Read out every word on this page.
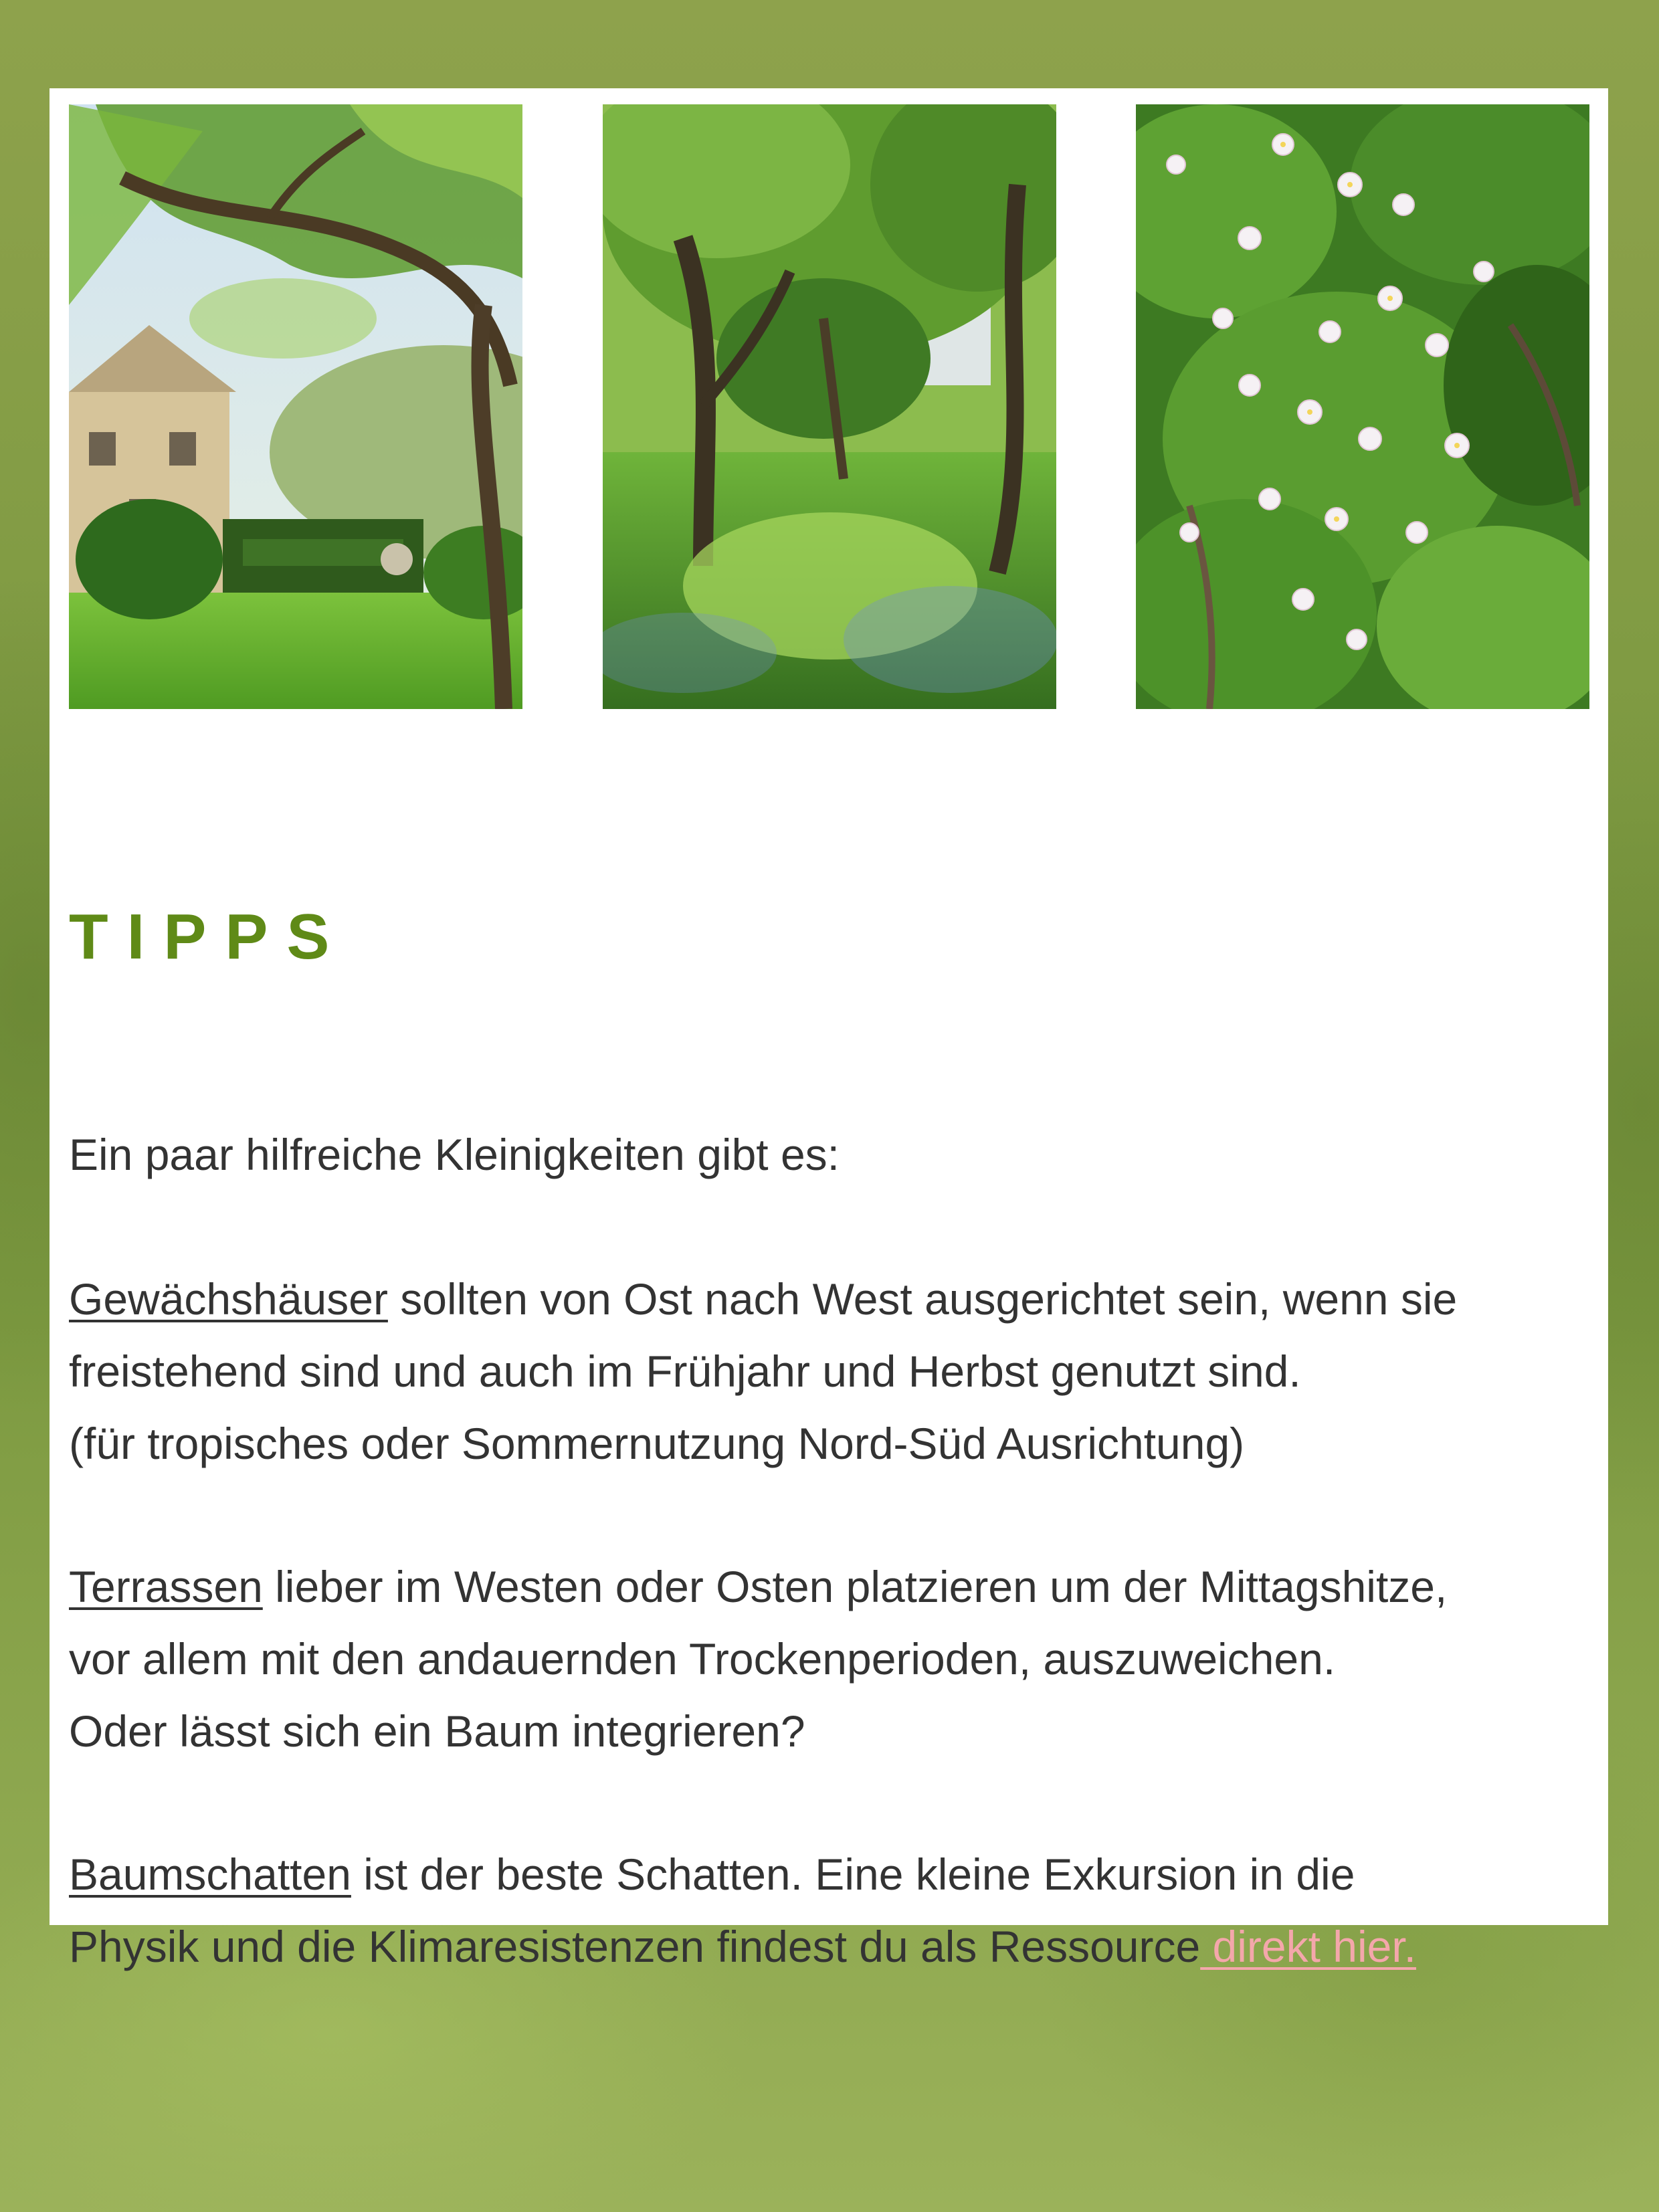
TIPPS

Ein paar hilfreiche Kleinigkeiten gibt es:

Gewächshäuser sollten von Ost nach West ausgerichtet sein, wenn sie
freistehend sind und auch im Frühjahr und Herbst genutzt sind.
(für tropisches oder Sommernutzung Nord-Süd Ausrichtung)

Terrassen lieber im Westen oder Osten platzieren um der Mittagshitze,
vor allem mit den andauernden Trockenperioden, auszuweichen.
Oder lässt sich ein Baum integrieren?

Baumschatten ist der beste Schatten. Eine kleine Exkursion in die
Physik und die Klimaresistenzen findest du als Ressource direkt hier.
